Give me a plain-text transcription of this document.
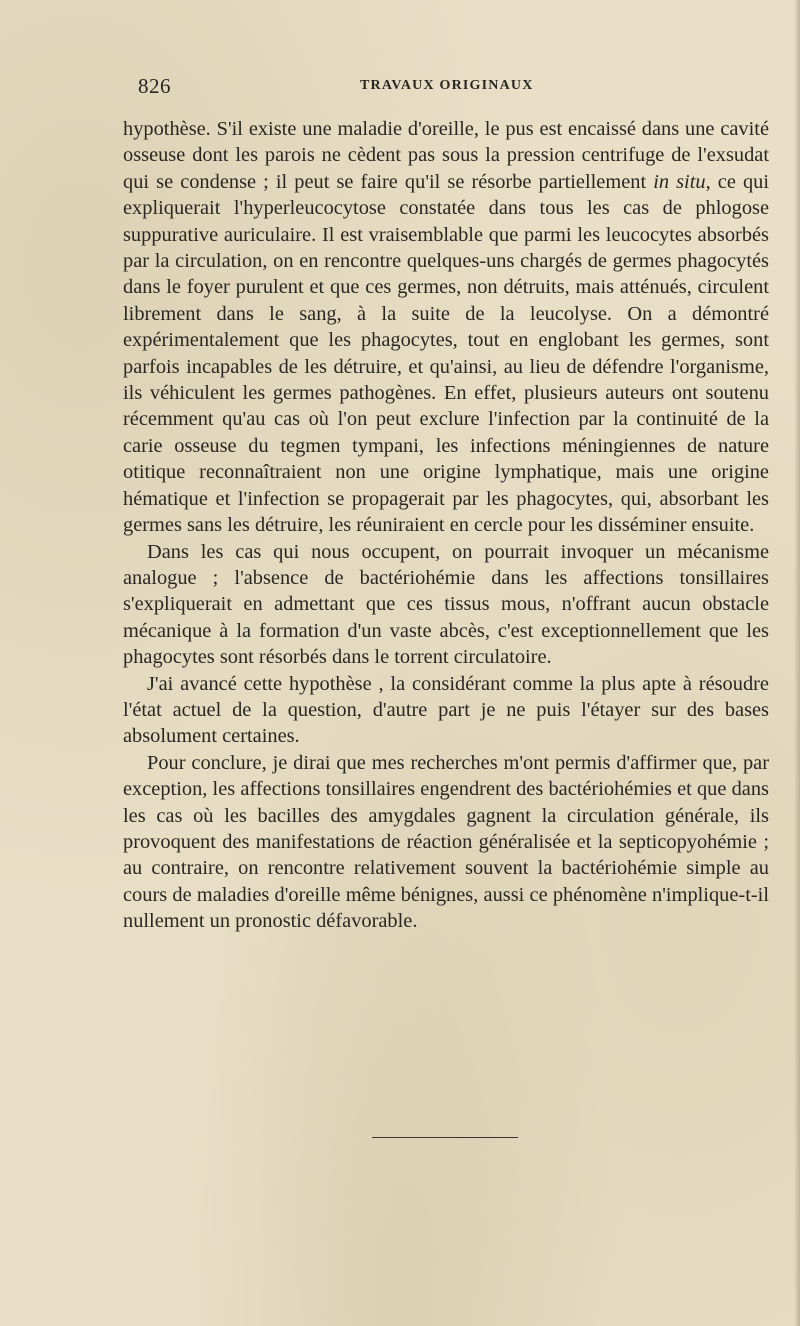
826	TRAVAUX ORIGINAUX

hypothèse. S'il existe une maladie d'oreille, le pus est encaissé dans une cavité osseuse dont les parois ne cèdent pas sous la pression centrifuge de l'exsudat qui se condense ; il peut se faire qu'il se résorbe partiellement in situ, ce qui expliquerait l'hyperleucocytose constatée dans tous les cas de phlogose suppurative auriculaire. Il est vraisemblable que parmi les leucocytes absorbés par la circulation, on en rencontre quelques-uns chargés de germes phagocytés dans le foyer purulent et que ces germes, non détruits, mais atténués, circulent librement dans le sang, à la suite de la leucolyse. On a démontré expérimentalement que les phagocytes, tout en englobant les germes, sont parfois incapables de les détruire, et qu'ainsi, au lieu de défendre l'organisme, ils véhiculent les germes pathogènes. En effet, plusieurs auteurs ont soutenu récemment qu'au cas où l'on peut exclure l'infection par la continuité de la carie osseuse du tegmen tympani, les infections méningiennes de nature otitique reconnaîtraient non une origine lymphatique, mais une origine hématique et l'infection se propagerait par les phagocytes, qui, absorbant les germes sans les détruire, les réuniraient en cercle pour les disséminer ensuite.

Dans les cas qui nous occupent, on pourrait invoquer un mécanisme analogue ; l'absence de bactériohémie dans les affections tonsillaires s'expliquerait en admettant que ces tissus mous, n'offrant aucun obstacle mécanique à la formation d'un vaste abcès, c'est exceptionnellement que les phagocytes sont résorbés dans le torrent circulatoire.

J'ai avancé cette hypothèse , la considérant comme la plus apte à résoudre l'état actuel de la question, d'autre part je ne puis l'étayer sur des bases absolument certaines.

Pour conclure, je dirai que mes recherches m'ont permis d'affirmer que, par exception, les affections tonsillaires engendrent des bactériohémies et que dans les cas où les bacilles des amygdales gagnent la circulation générale, ils provoquent des manifestations de réaction généralisée et la septicopyohémie ; au contraire, on rencontre relativement souvent la bactériohémie simple au cours de maladies d'oreille même bénignes, aussi ce phénomène n'implique-t-il nullement un pronostic défavorable.
